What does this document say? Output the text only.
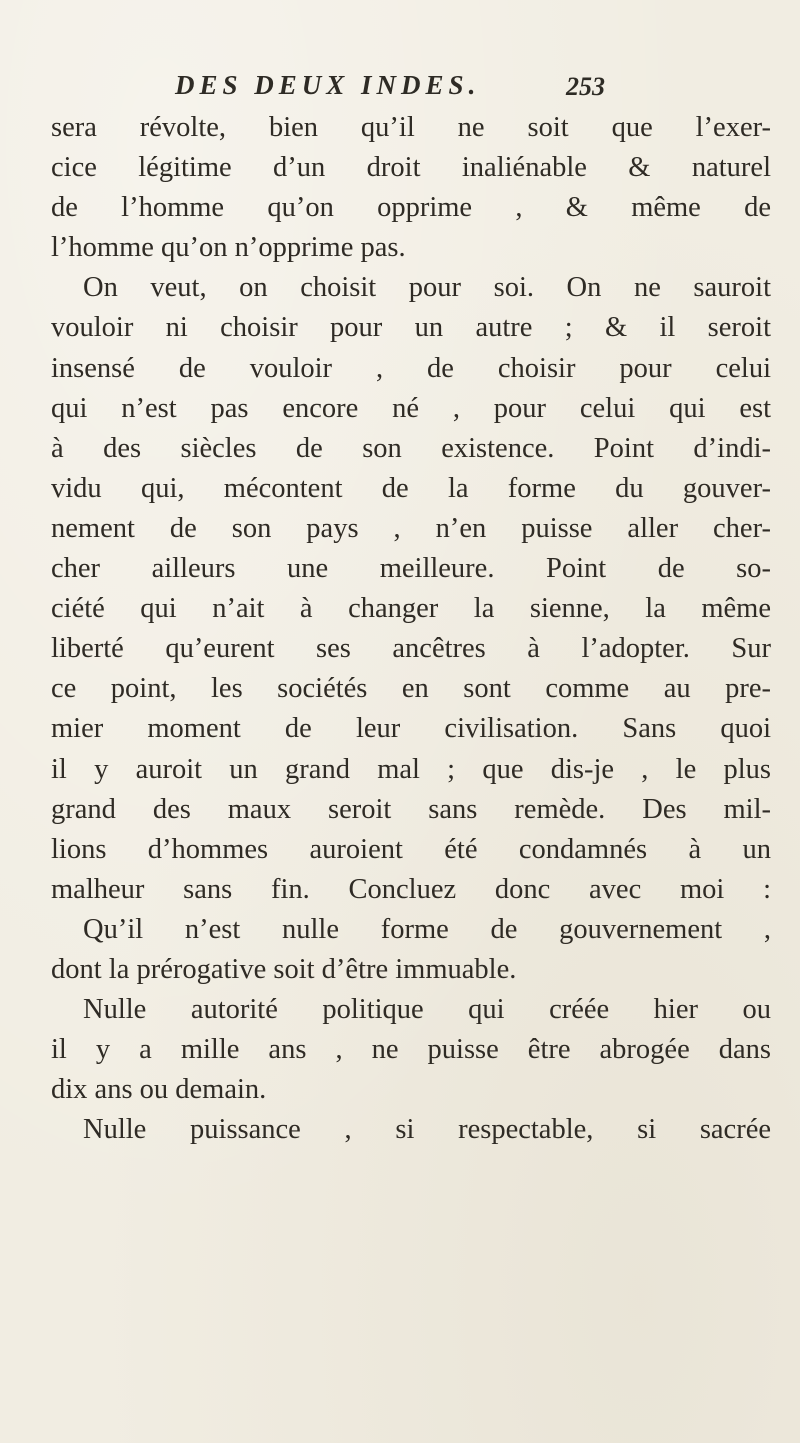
DES DEUX INDES.	253
sera révolte, bien qu’il ne soit que l’exer-
cice légitime d’un droit inaliénable & naturel
de l’homme qu’on opprime , & même de
l’homme qu’on n’opprime pas.
On veut, on choisit pour soi. On ne sauroit
vouloir ni choisir pour un autre ; & il seroit
insensé de vouloir , de choisir pour celui
qui n’est pas encore né , pour celui qui est
à des siècles de son existence. Point d’indi-
vidu qui, mécontent de la forme du gouver-
nement de son pays , n’en puisse aller cher-
cher ailleurs une meilleure. Point de so-
ciété qui n’ait à changer la sienne, la même
liberté qu’eurent ses ancêtres à l’adopter. Sur
ce point, les sociétés en sont comme au pre-
mier moment de leur civilisation. Sans quoi
il y auroit un grand mal ; que dis-je , le plus
grand des maux seroit sans remède. Des mil-
lions d’hommes auroient été condamnés à un
malheur sans fin. Concluez donc avec moi :
Qu’il n’est nulle forme de gouvernement ,
dont la prérogative soit d’être immuable.
Nulle autorité politique qui créée hier ou
il y a mille ans , ne puisse être abrogée dans
dix ans ou demain.
Nulle puissance , si respectable, si sacrée
